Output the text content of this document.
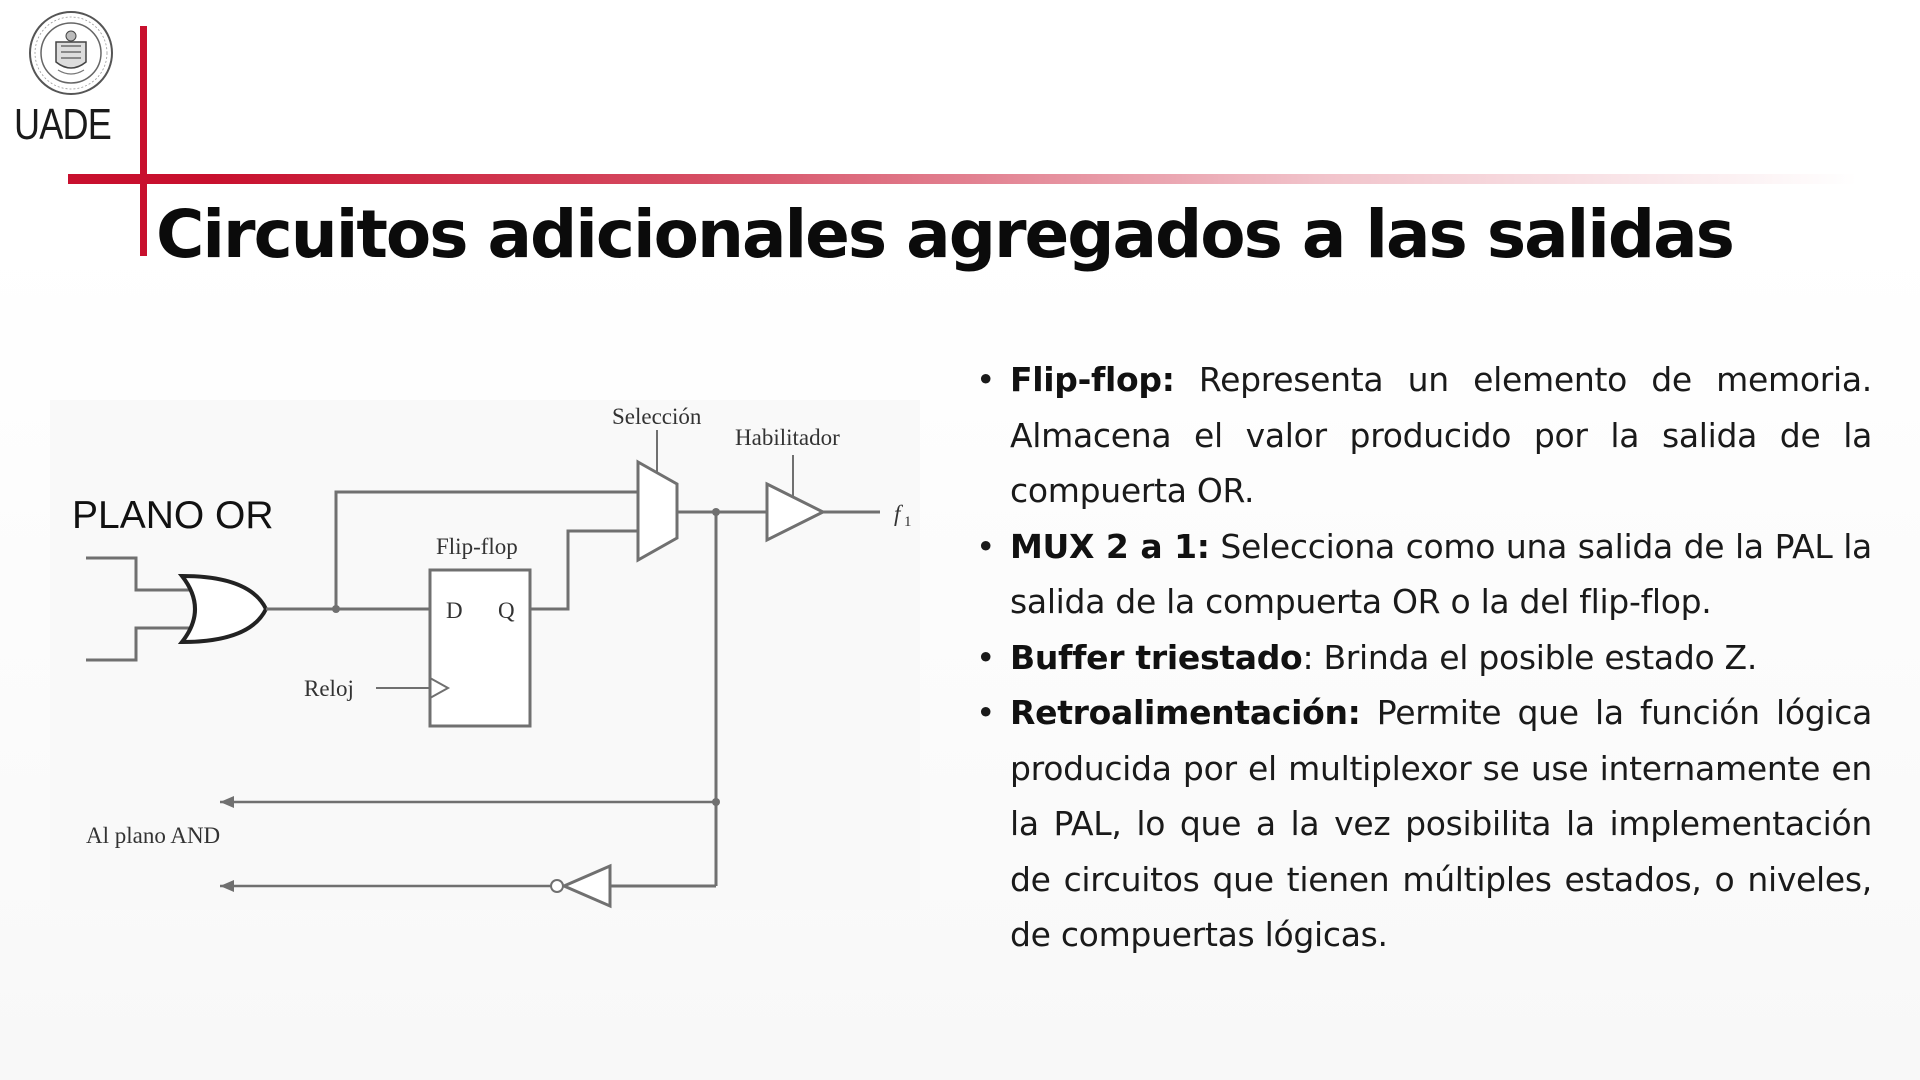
UADE
Circuitos adicionales agregados a las salidas
Selección
Habilitador
Flip-flop
D Q
Reloj
Al plano AND
f 1
PLANO OR
• Flip-flop: Representa un elemento de memoria. Almacena el valor producido por la salida de la compuerta OR.
• MUX 2 a 1: Selecciona como una salida de la PAL la salida de la compuerta OR o la del flip-flop.
• Buffer triestado: Brinda el posible estado Z.
• Retroalimentación: Permite que la función lógica producida por el multiplexor se use internamente en la PAL, lo que a la vez posibilita la implementación de circuitos que tienen múltiples estados, o niveles, de compuertas lógicas.
